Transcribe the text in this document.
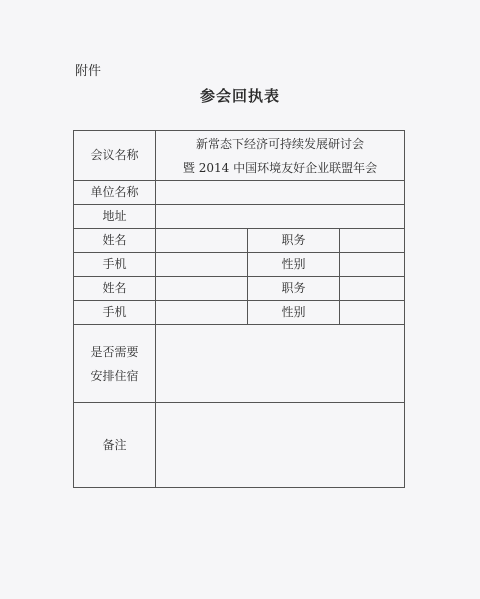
附件
参会回执表
会议名称	新常态下经济可持续发展研讨会
暨 2014 中国环境友好企业联盟年会		

单位名称			
地址			
姓名		职务	
手机		性别	
姓名		职务	
手机		性别	

是否需要
安排住宿			

备注			
